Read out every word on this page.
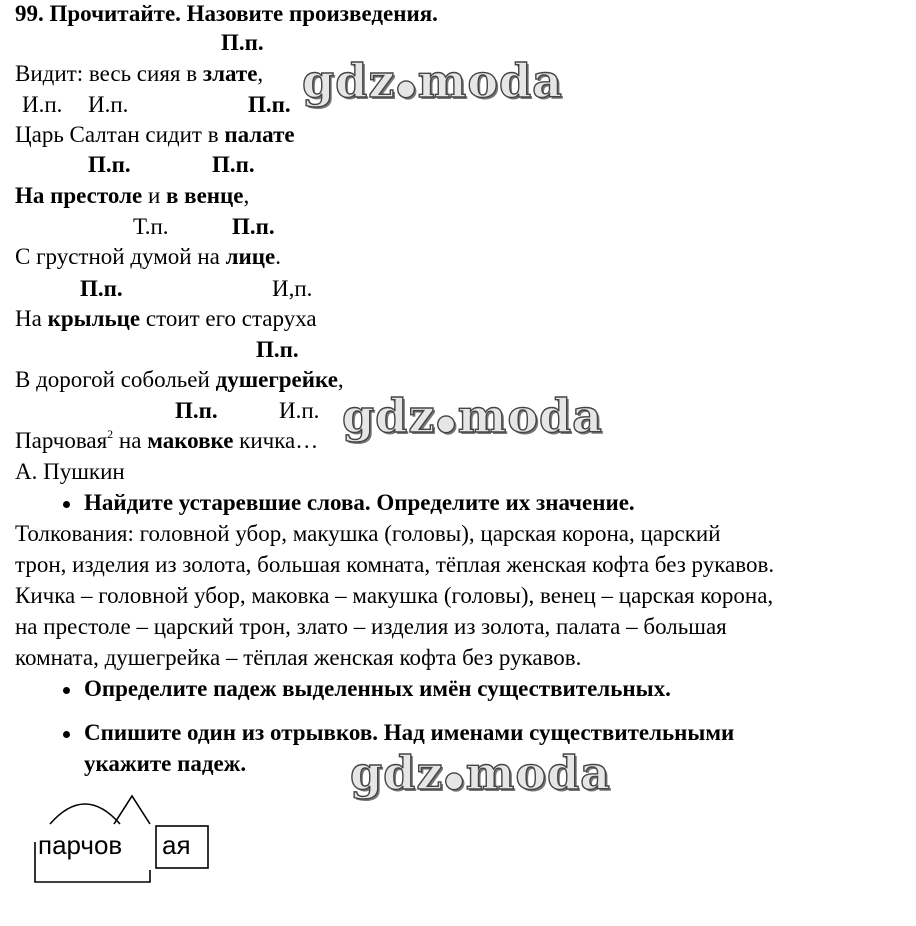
99. Прочитайте. Назовите произведения.
П.п.
Видит: весь сияя в злате,
И.п. И.п.	П.п.
Царь Салтан сидит в палате
П.п.	П.п.
На престоле и в венце,
Т.п.	П.п.
С грустной думой на лице.
П.п.	И,п.
На крыльце стоит его старуха
П.п.
В дорогой собольей душегрейке,
П.п.	И.п.
Парчовая$^2$ на маковке кичка…
А. Пушкин
Найдите устаревшие слова. Определите их значение.
Толкования: головной убор, макушка (головы), царская корона, царский
трон, изделия из золота, большая комната, тёплая женская кофта без рукавов.
Кичка – головной убор, маковка – макушка (головы), венец – царская корона,
на престоле – царский трон, злато – изделия из золота, палата – большая
комната, душегрейка – тёплая женская кофта без рукавов.
Определите падеж выделенных имён существительных.
Спишите один из отрывков. Над именами существительными
укажите падеж.
gdz●moda
gdz●moda
gdz●moda
парчов ая
